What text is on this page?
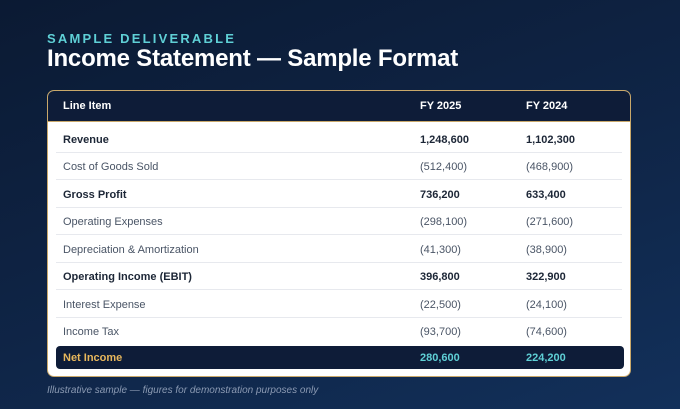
SAMPLE DELIVERABLE
Income Statement — Sample Format
Line Item	FY 2025	FY 2024
Revenue	1,248,600	1,102,300
Cost of Goods Sold	(512,400)	(468,900)
Gross Profit	736,200	633,400
Operating Expenses	(298,100)	(271,600)
Depreciation & Amortization	(41,300)	(38,900)
Operating Income (EBIT)	396,800	322,900
Interest Expense	(22,500)	(24,100)
Income Tax	(93,700)	(74,600)
Net Income	280,600	224,200
Illustrative sample — figures for demonstration purposes only
